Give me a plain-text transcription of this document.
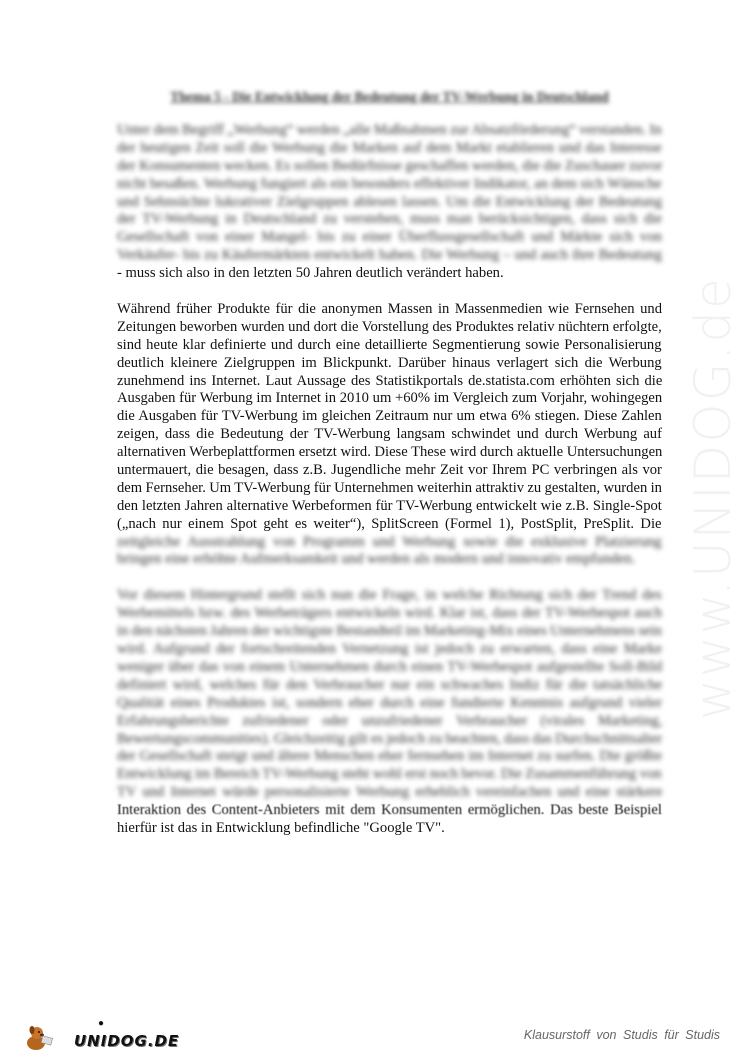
www.UNIDOG.de
Thema 5 - Die Entwicklung der Bedeutung der TV-Werbung in Deutschland
Unter dem Begriff „Werbung“ werden „alle Maßnahmen zur Absatzförderung“ verstanden. In
der heutigen Zeit soll die Werbung die Marken auf dem Markt etablieren und das Interesse
der Konsumenten wecken. Es sollen Bedürfnisse geschaffen werden, die die Zuschauer zuvor
nicht besaßen. Werbung fungiert als ein besonders effektiver Indikator, an dem sich Wünsche
und Sehnsüchte lukrativer Zielgruppen ablesen lassen. Um die Entwicklung der Bedeutung
der TV-Werbung in Deutschland zu verstehen, muss man berücksichtigen, dass sich die
Gesellschaft von einer Mangel- bis zu einer Überflussgesellschaft und Märkte sich von
Verkäufer- bis zu Käufermärkten entwickelt haben. Die Werbung – und auch ihre Bedeutung
- muss sich also in den letzten 50 Jahren deutlich verändert haben.
Während früher Produkte für die anonymen Massen in Massenmedien wie Fernsehen und
Zeitungen beworben wurden und dort die Vorstellung des Produktes relativ nüchtern erfolgte,
sind heute klar definierte und durch eine detaillierte Segmentierung sowie Personalisierung
deutlich kleinere Zielgruppen im Blickpunkt. Darüber hinaus verlagert sich die Werbung
zunehmend ins Internet. Laut Aussage des Statistikportals de.statista.com erhöhten sich die
Ausgaben für Werbung im Internet in 2010 um +60% im Vergleich zum Vorjahr, wohingegen
die Ausgaben für TV-Werbung im gleichen Zeitraum nur um etwa 6% stiegen. Diese Zahlen
zeigen, dass die Bedeutung der TV-Werbung langsam schwindet und durch Werbung auf
alternativen Werbeplattformen ersetzt wird. Diese These wird durch aktuelle Untersuchungen
untermauert, die besagen, dass z.B. Jugendliche mehr Zeit vor Ihrem PC verbringen als vor
dem Fernseher. Um TV-Werbung für Unternehmen weiterhin attraktiv zu gestalten, wurden in
den letzten Jahren alternative Werbeformen für TV-Werbung entwickelt wie z.B. Single-Spot
(„nach nur einem Spot geht es weiter“), SplitScreen (Formel 1), PostSplit, PreSplit. Die
zeitgleiche Ausstrahlung von Programm und Werbung sowie die exklusive Platzierung
bringen eine erhöhte Aufmerksamkeit und werden als modern und innovativ empfunden.
Vor diesem Hintergrund stellt sich nun die Frage, in welche Richtung sich der Trend des
Werbemittels bzw. des Werbeträgers entwickeln wird. Klar ist, dass der TV-Werbespot auch
in den nächsten Jahren der wichtigste Bestandteil im Marketing-Mix eines Unternehmens sein
wird. Aufgrund der fortschreitenden Vernetzung ist jedoch zu erwarten, dass eine Marke
weniger über das von einem Unternehmen durch einen TV-Werbespot aufgestellte Soll-Bild
definiert wird, welches für den Verbraucher nur ein schwaches Indiz für die tatsächliche
Qualität eines Produktes ist, sondern eher durch eine fundierte Kenntnis aufgrund vieler
Erfahrungsberichte zufriedener oder unzufriedener Verbraucher (virales Marketing,
Bewertungscommunities). Gleichzeitig gilt es jedoch zu beachten, dass das Durchschnittsalter
der Gesellschaft steigt und ältere Menschen eher fernsehen im Internet zu surfen. Die größte
Entwicklung im Bereich TV-Werbung steht wohl erst noch bevor. Die Zusammenführung von
TV und Internet würde personalisierte Werbung erheblich vereinfachen und eine stärkere
Interaktion des Content-Anbieters mit dem Konsumenten ermöglichen. Das beste Beispiel
hierfür ist das in Entwicklung befindliche "Google TV".
●
UNIDOG.DE	Klausurstoff von Studis für Studis
